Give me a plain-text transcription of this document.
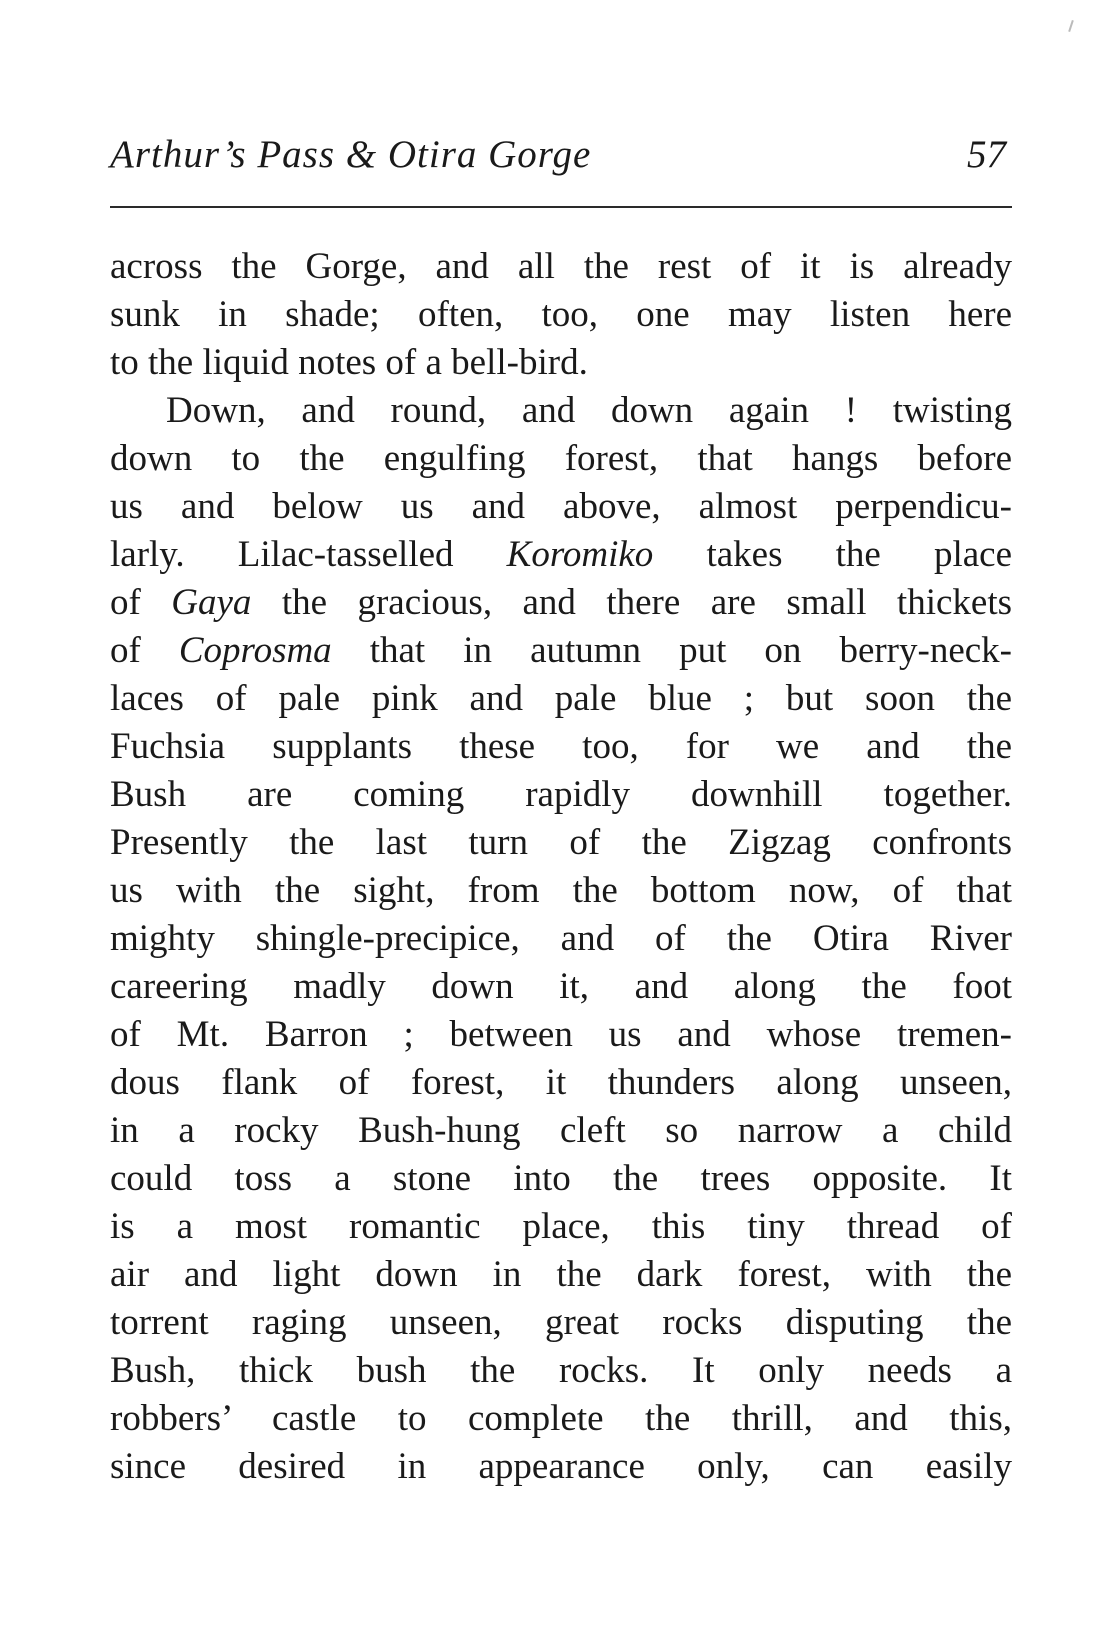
Arthur’s Pass & Otira Gorge	57
across the Gorge, and all the rest of it is already
sunk in shade; often, too, one may listen here
to the liquid notes of a bell-bird.
Down, and round, and down again ! twisting
down to the engulfing forest, that hangs before
us and below us and above, almost perpendicu-
larly. Lilac-tasselled Koromiko takes the place
of Gaya the gracious, and there are small thickets
of Coprosma that in autumn put on berry-neck-
laces of pale pink and pale blue ; but soon the
Fuchsia supplants these too, for we and the
Bush are coming rapidly downhill together.
Presently the last turn of the Zigzag confronts
us with the sight, from the bottom now, of that
mighty shingle-precipice, and of the Otira River
careering madly down it, and along the foot
of Mt. Barron ; between us and whose tremen-
dous flank of forest, it thunders along unseen,
in a rocky Bush-hung cleft so narrow a child
could toss a stone into the trees opposite. It
is a most romantic place, this tiny thread of
air and light down in the dark forest, with the
torrent raging unseen, great rocks disputing the
Bush, thick bush the rocks. It only needs a
robbers’ castle to complete the thrill, and this,
since desired in appearance only, can easily
